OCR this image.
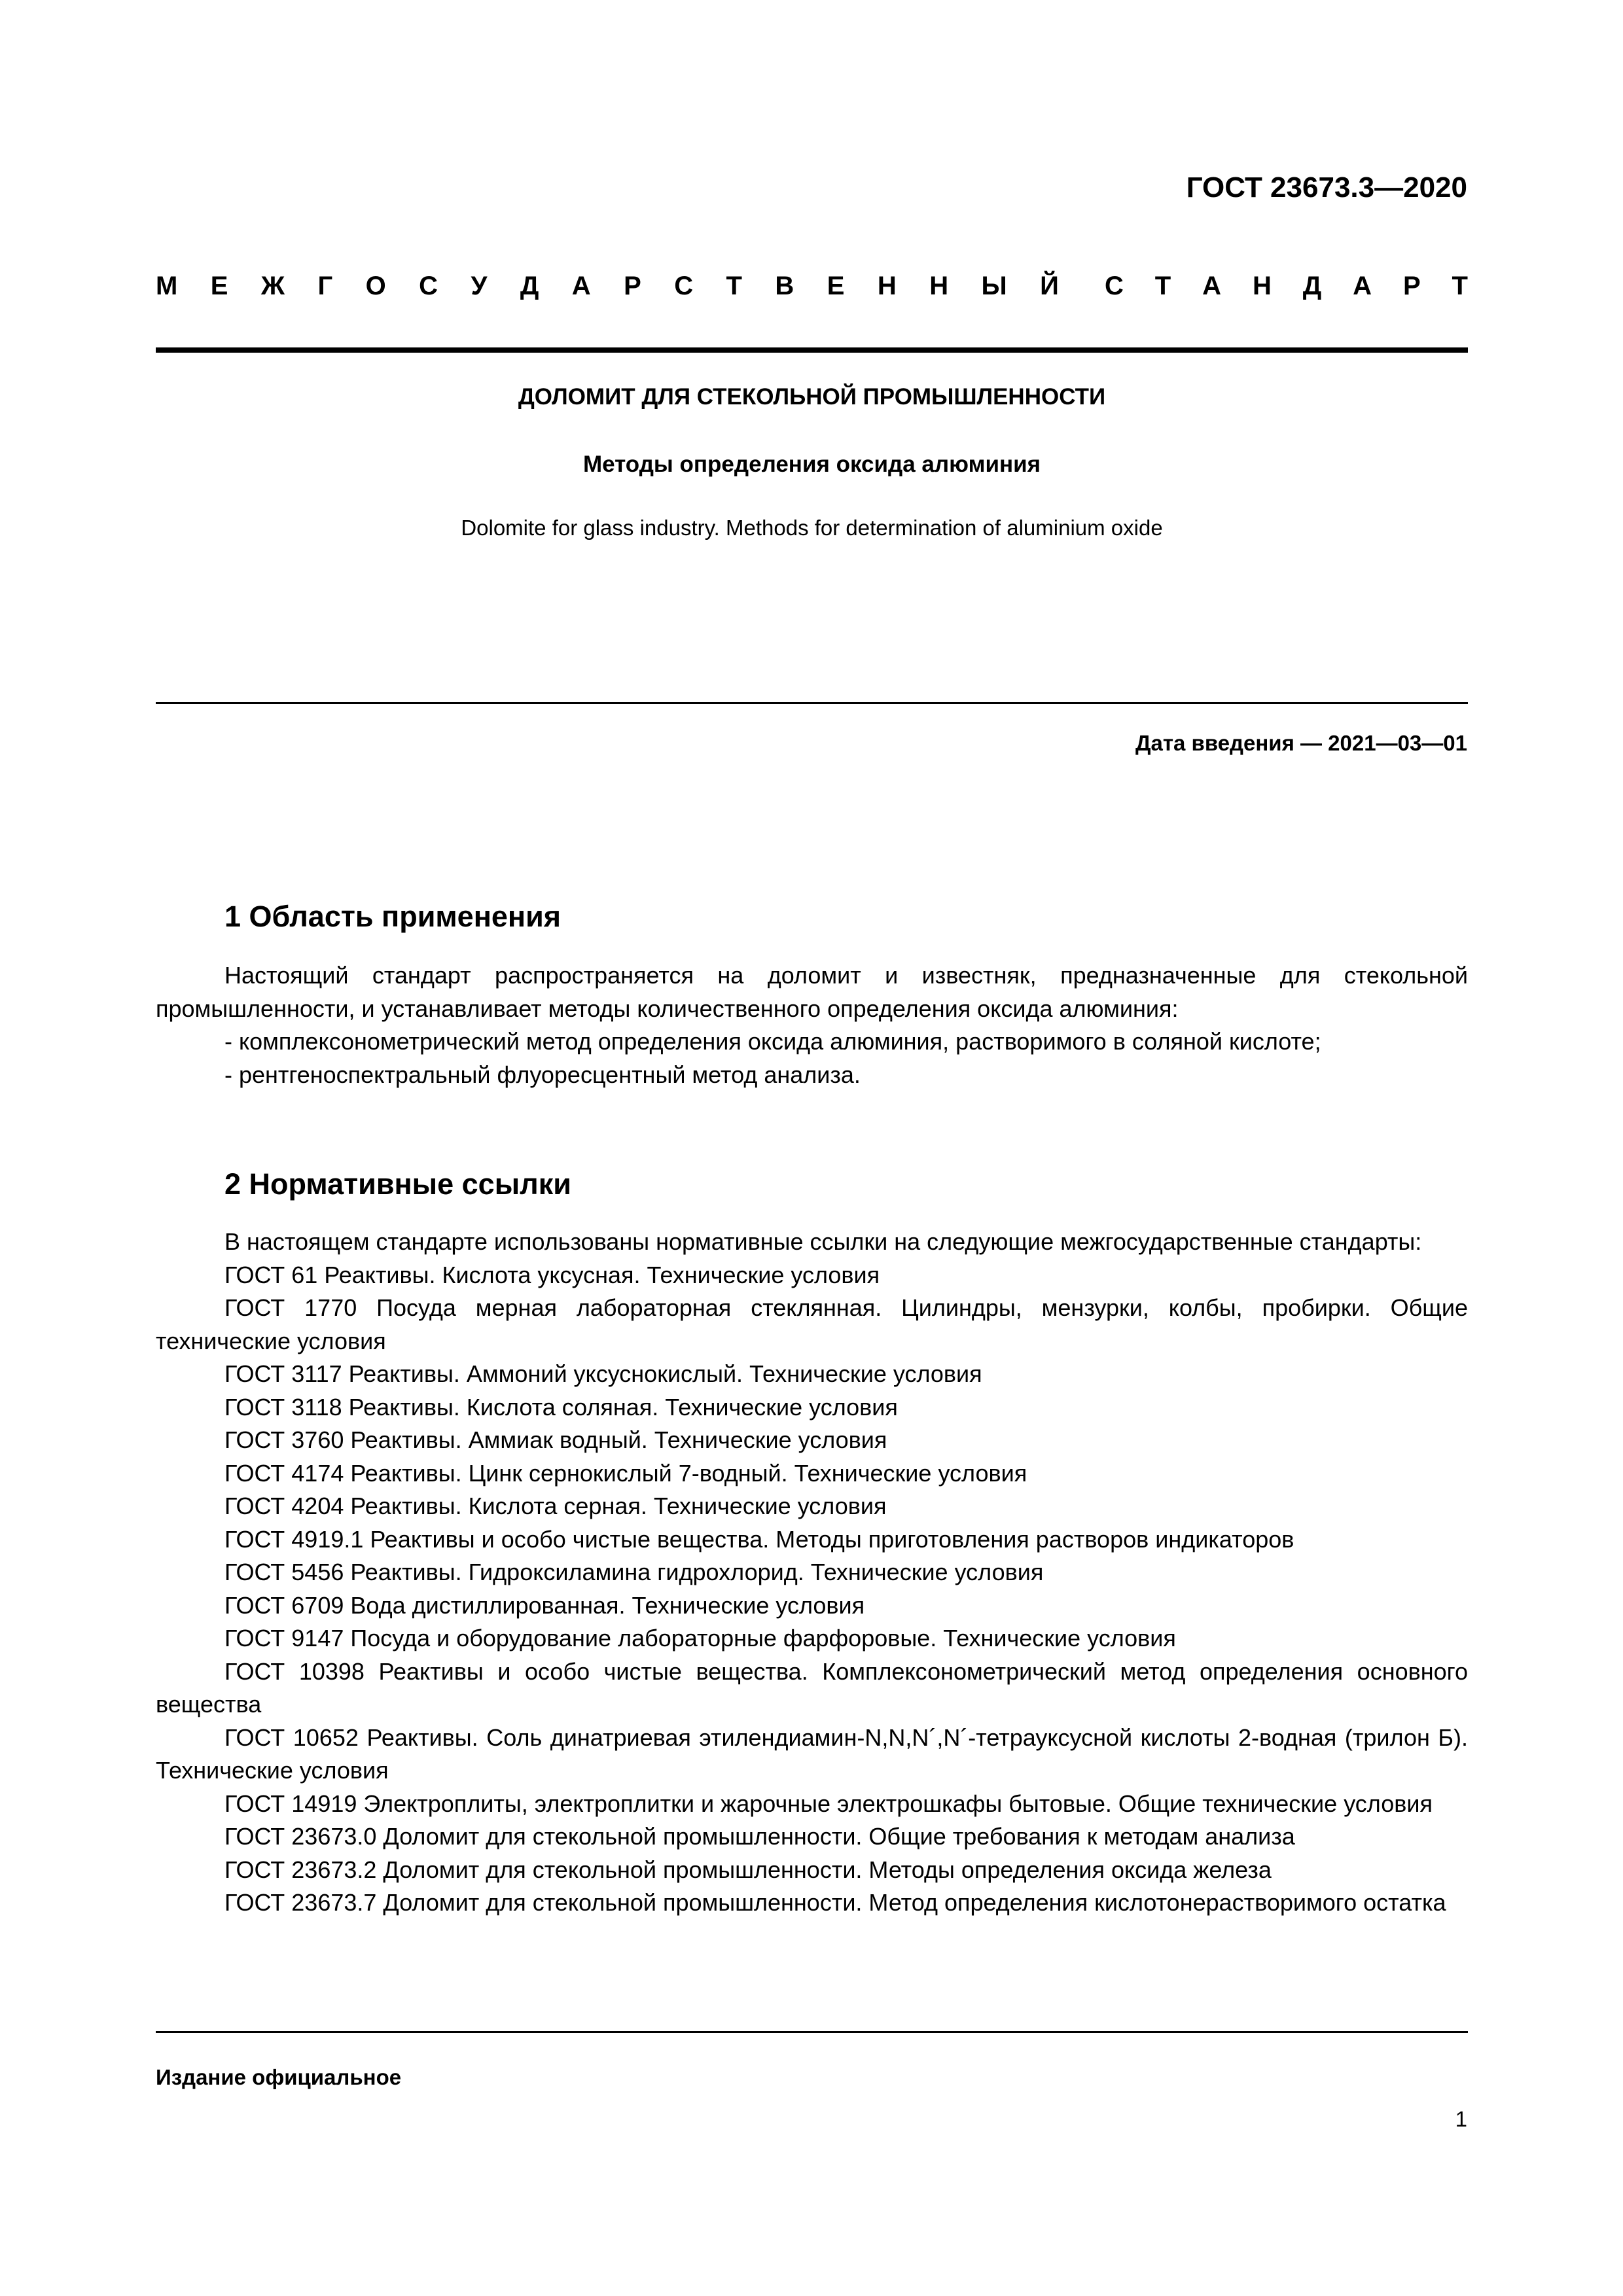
ГОСТ 23673.3—2020
М Е Ж Г О С У Д А Р С Т В Е Н Н Ы Й С Т А Н Д А Р Т
ДОЛОМИТ ДЛЯ СТЕКОЛЬНОЙ ПРОМЫШЛЕННОСТИ
Методы определения оксида алюминия
Dolomite for glass industry. Methods for determination of aluminium oxide
Дата введения — 2021—03—01
1 Область применения

Настоящий стандарт распространяется на доломит и известняк, предназначенные для стекольной промышленности, и устанавливает методы количественного определения оксида алюминия:

- комплексонометрический метод определения оксида алюминия, растворимого в соляной кислоте;

- рентгеноспектральный флуоресцентный метод анализа.

2 Нормативные ссылки

В настоящем стандарте использованы нормативные ссылки на следующие межгосударственные стандарты:

ГОСТ 61 Реактивы. Кислота уксусная. Технические условия

ГОСТ 1770 Посуда мерная лабораторная стеклянная. Цилиндры, мензурки, колбы, пробирки. Общие технические условия

ГОСТ 3117 Реактивы. Аммоний уксуснокислый. Технические условия

ГОСТ 3118 Реактивы. Кислота соляная. Технические условия

ГОСТ 3760 Реактивы. Аммиак водный. Технические условия

ГОСТ 4174 Реактивы. Цинк сернокислый 7-водный. Технические условия

ГОСТ 4204 Реактивы. Кислота серная. Технические условия

ГОСТ 4919.1 Реактивы и особо чистые вещества. Методы приготовления растворов индикаторов

ГОСТ 5456 Реактивы. Гидроксиламина гидрохлорид. Технические условия

ГОСТ 6709 Вода дистиллированная. Технические условия

ГОСТ 9147 Посуда и оборудование лабораторные фарфоровые. Технические условия

ГОСТ 10398 Реактивы и особо чистые вещества. Комплексонометрический метод определения основного вещества

ГОСТ 10652 Реактивы. Соль динатриевая этилендиамин-N,N,N´,N´-тетрауксусной кислоты 2-водная (трилон Б). Технические условия

ГОСТ 14919 Электроплиты, электроплитки и жарочные электрошкафы бытовые. Общие технические условия

ГОСТ 23673.0 Доломит для стекольной промышленности. Общие требования к методам анализа

ГОСТ 23673.2 Доломит для стекольной промышленности. Методы определения оксида железа

ГОСТ 23673.7 Доломит для стекольной промышленности. Метод определения кислотонерастворимого остатка

Издание официальное
1
